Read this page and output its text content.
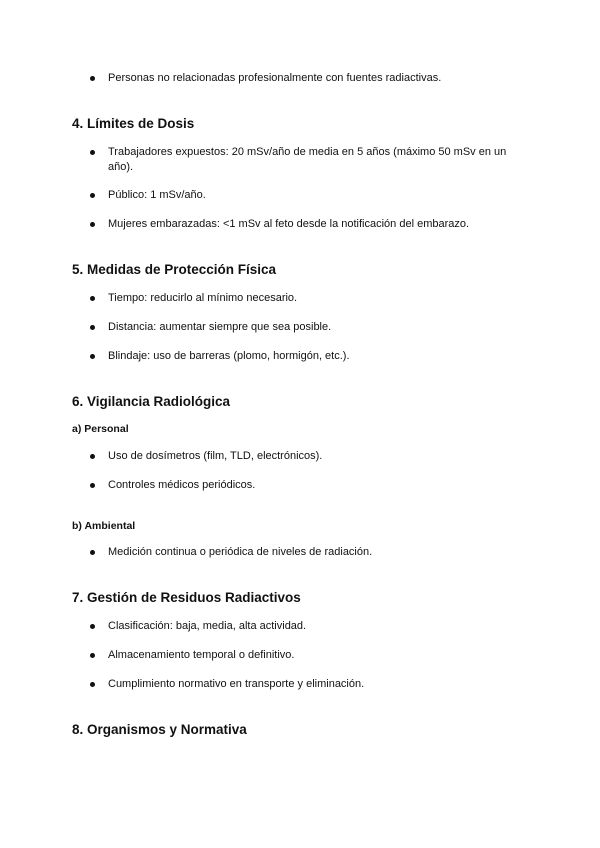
Personas no relacionadas profesionalmente con fuentes radiactivas.
4. Límites de Dosis
Trabajadores expuestos: 20 mSv/año de media en 5 años (máximo 50 mSv en un año).
Público: 1 mSv/año.
Mujeres embarazadas: <1 mSv al feto desde la notificación del embarazo.
5. Medidas de Protección Física
Tiempo: reducirlo al mínimo necesario.
Distancia: aumentar siempre que sea posible.
Blindaje: uso de barreras (plomo, hormigón, etc.).
6. Vigilancia Radiológica
a) Personal
Uso de dosímetros (film, TLD, electrónicos).
Controles médicos periódicos.
b) Ambiental
Medición continua o periódica de niveles de radiación.
7. Gestión de Residuos Radiactivos
Clasificación: baja, media, alta actividad.
Almacenamiento temporal o definitivo.
Cumplimiento normativo en transporte y eliminación.
8. Organismos y Normativa
